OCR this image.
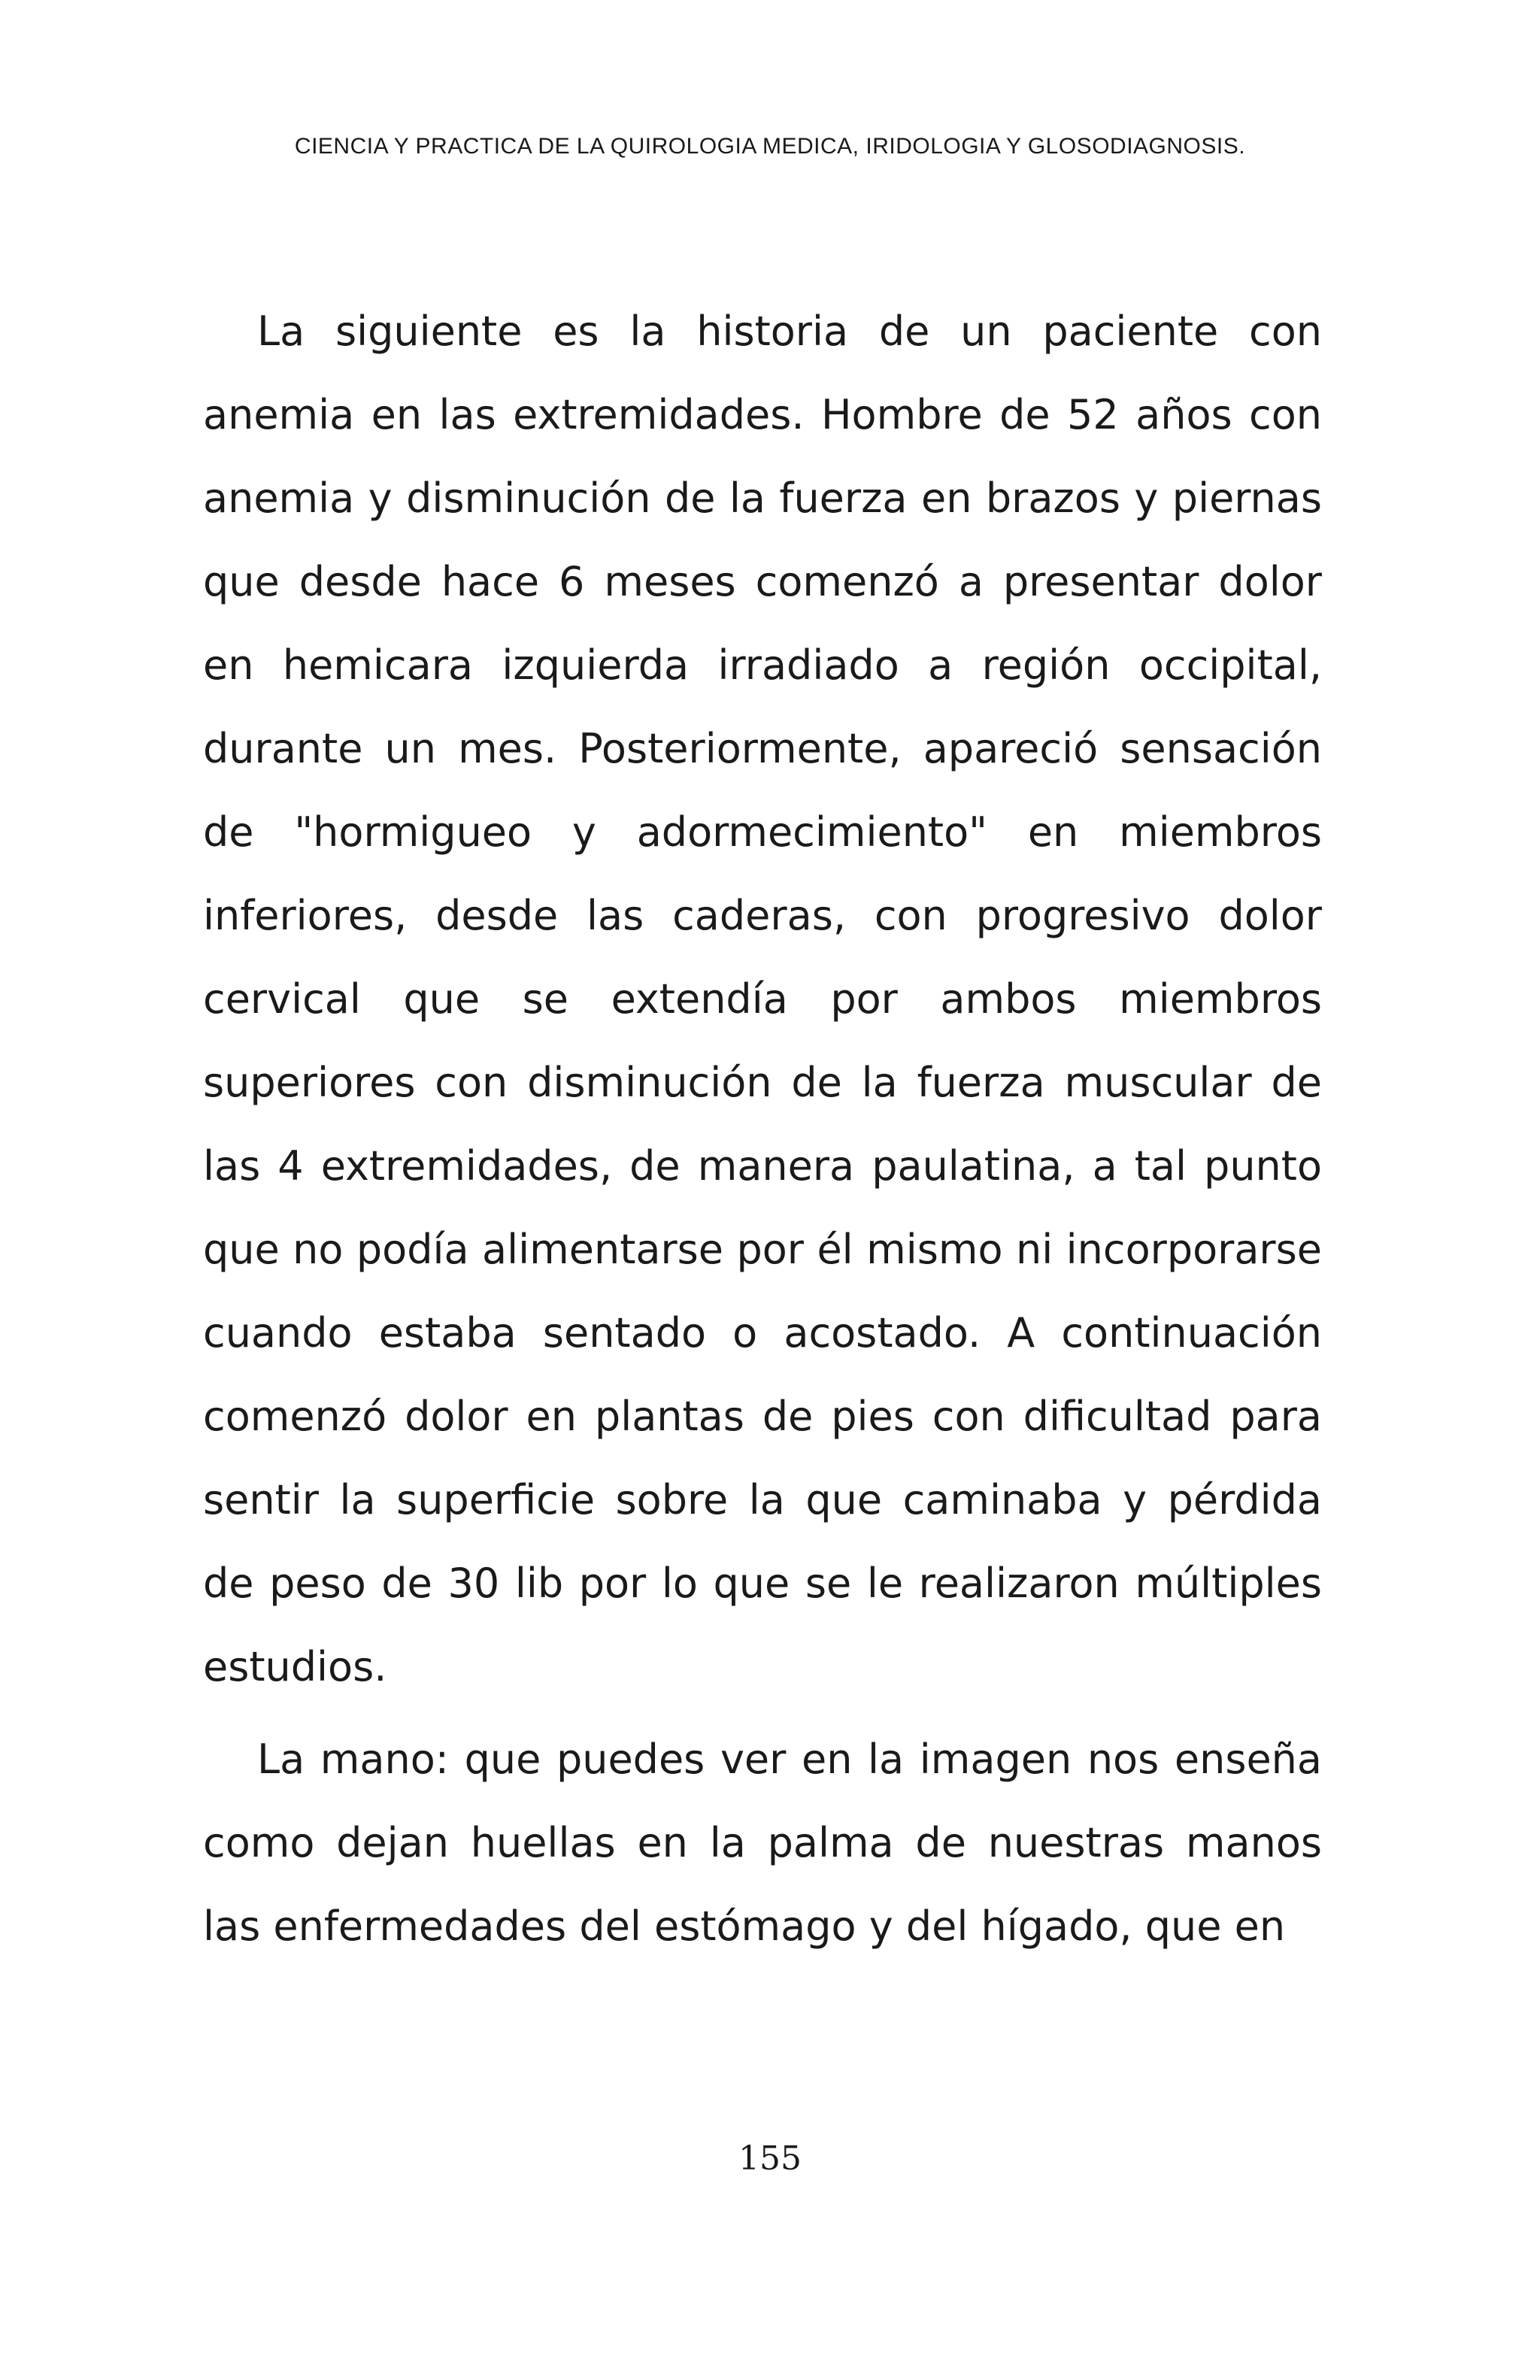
CIENCIA Y PRACTICA DE LA QUIROLOGIA MEDICA, IRIDOLOGIA Y GLOSODIAGNOSIS.

La siguiente es la historia de un paciente con anemia en las extremidades. Hombre de 52 años con anemia y disminución de la fuerza en brazos y piernas que desde hace 6 meses comenzó a presentar dolor en hemicara izquierda irradiado a región occipital, durante un mes. Posteriormente, apareció sensación de "hormigueo y adormecimiento" en miembros inferiores, desde las caderas, con progresivo dolor cervical que se extendía por ambos miembros superiores con disminución de la fuerza muscular de las 4 extremidades, de manera paulatina, a tal punto que no podía alimentarse por él mismo ni incorporarse cuando estaba sentado o acostado. A continuación comenzó dolor en plantas de pies con dificultad para sentir la superficie sobre la que caminaba y pérdida de peso de 30 lib por lo que se le realizaron múltiples estudios.

La mano: que puedes ver en la imagen nos enseña como dejan huellas en la palma de nuestras manos las enfermedades del estómago y del hígado, que en

155
